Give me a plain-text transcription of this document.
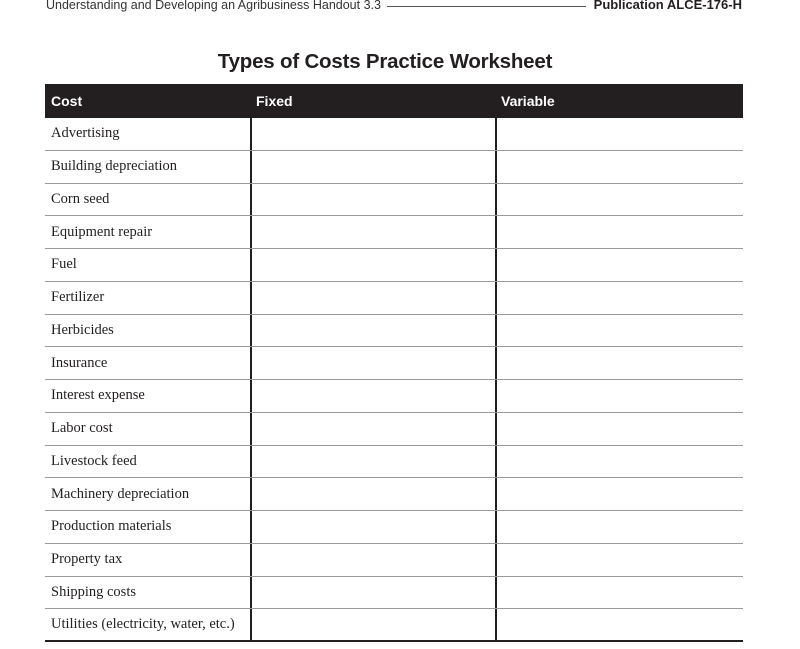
Understanding and Developing an Agribusiness Handout 3.3	Publication ALCE-176-H
Types of Costs Practice Worksheet
Cost	Fixed	Variable
Advertising
Building depreciation
Corn seed
Equipment repair
Fuel
Fertilizer
Herbicides
Insurance
Interest expense
Labor cost
Livestock feed
Machinery depreciation
Production materials
Property tax
Shipping costs
Utilities (electricity, water, etc.)
